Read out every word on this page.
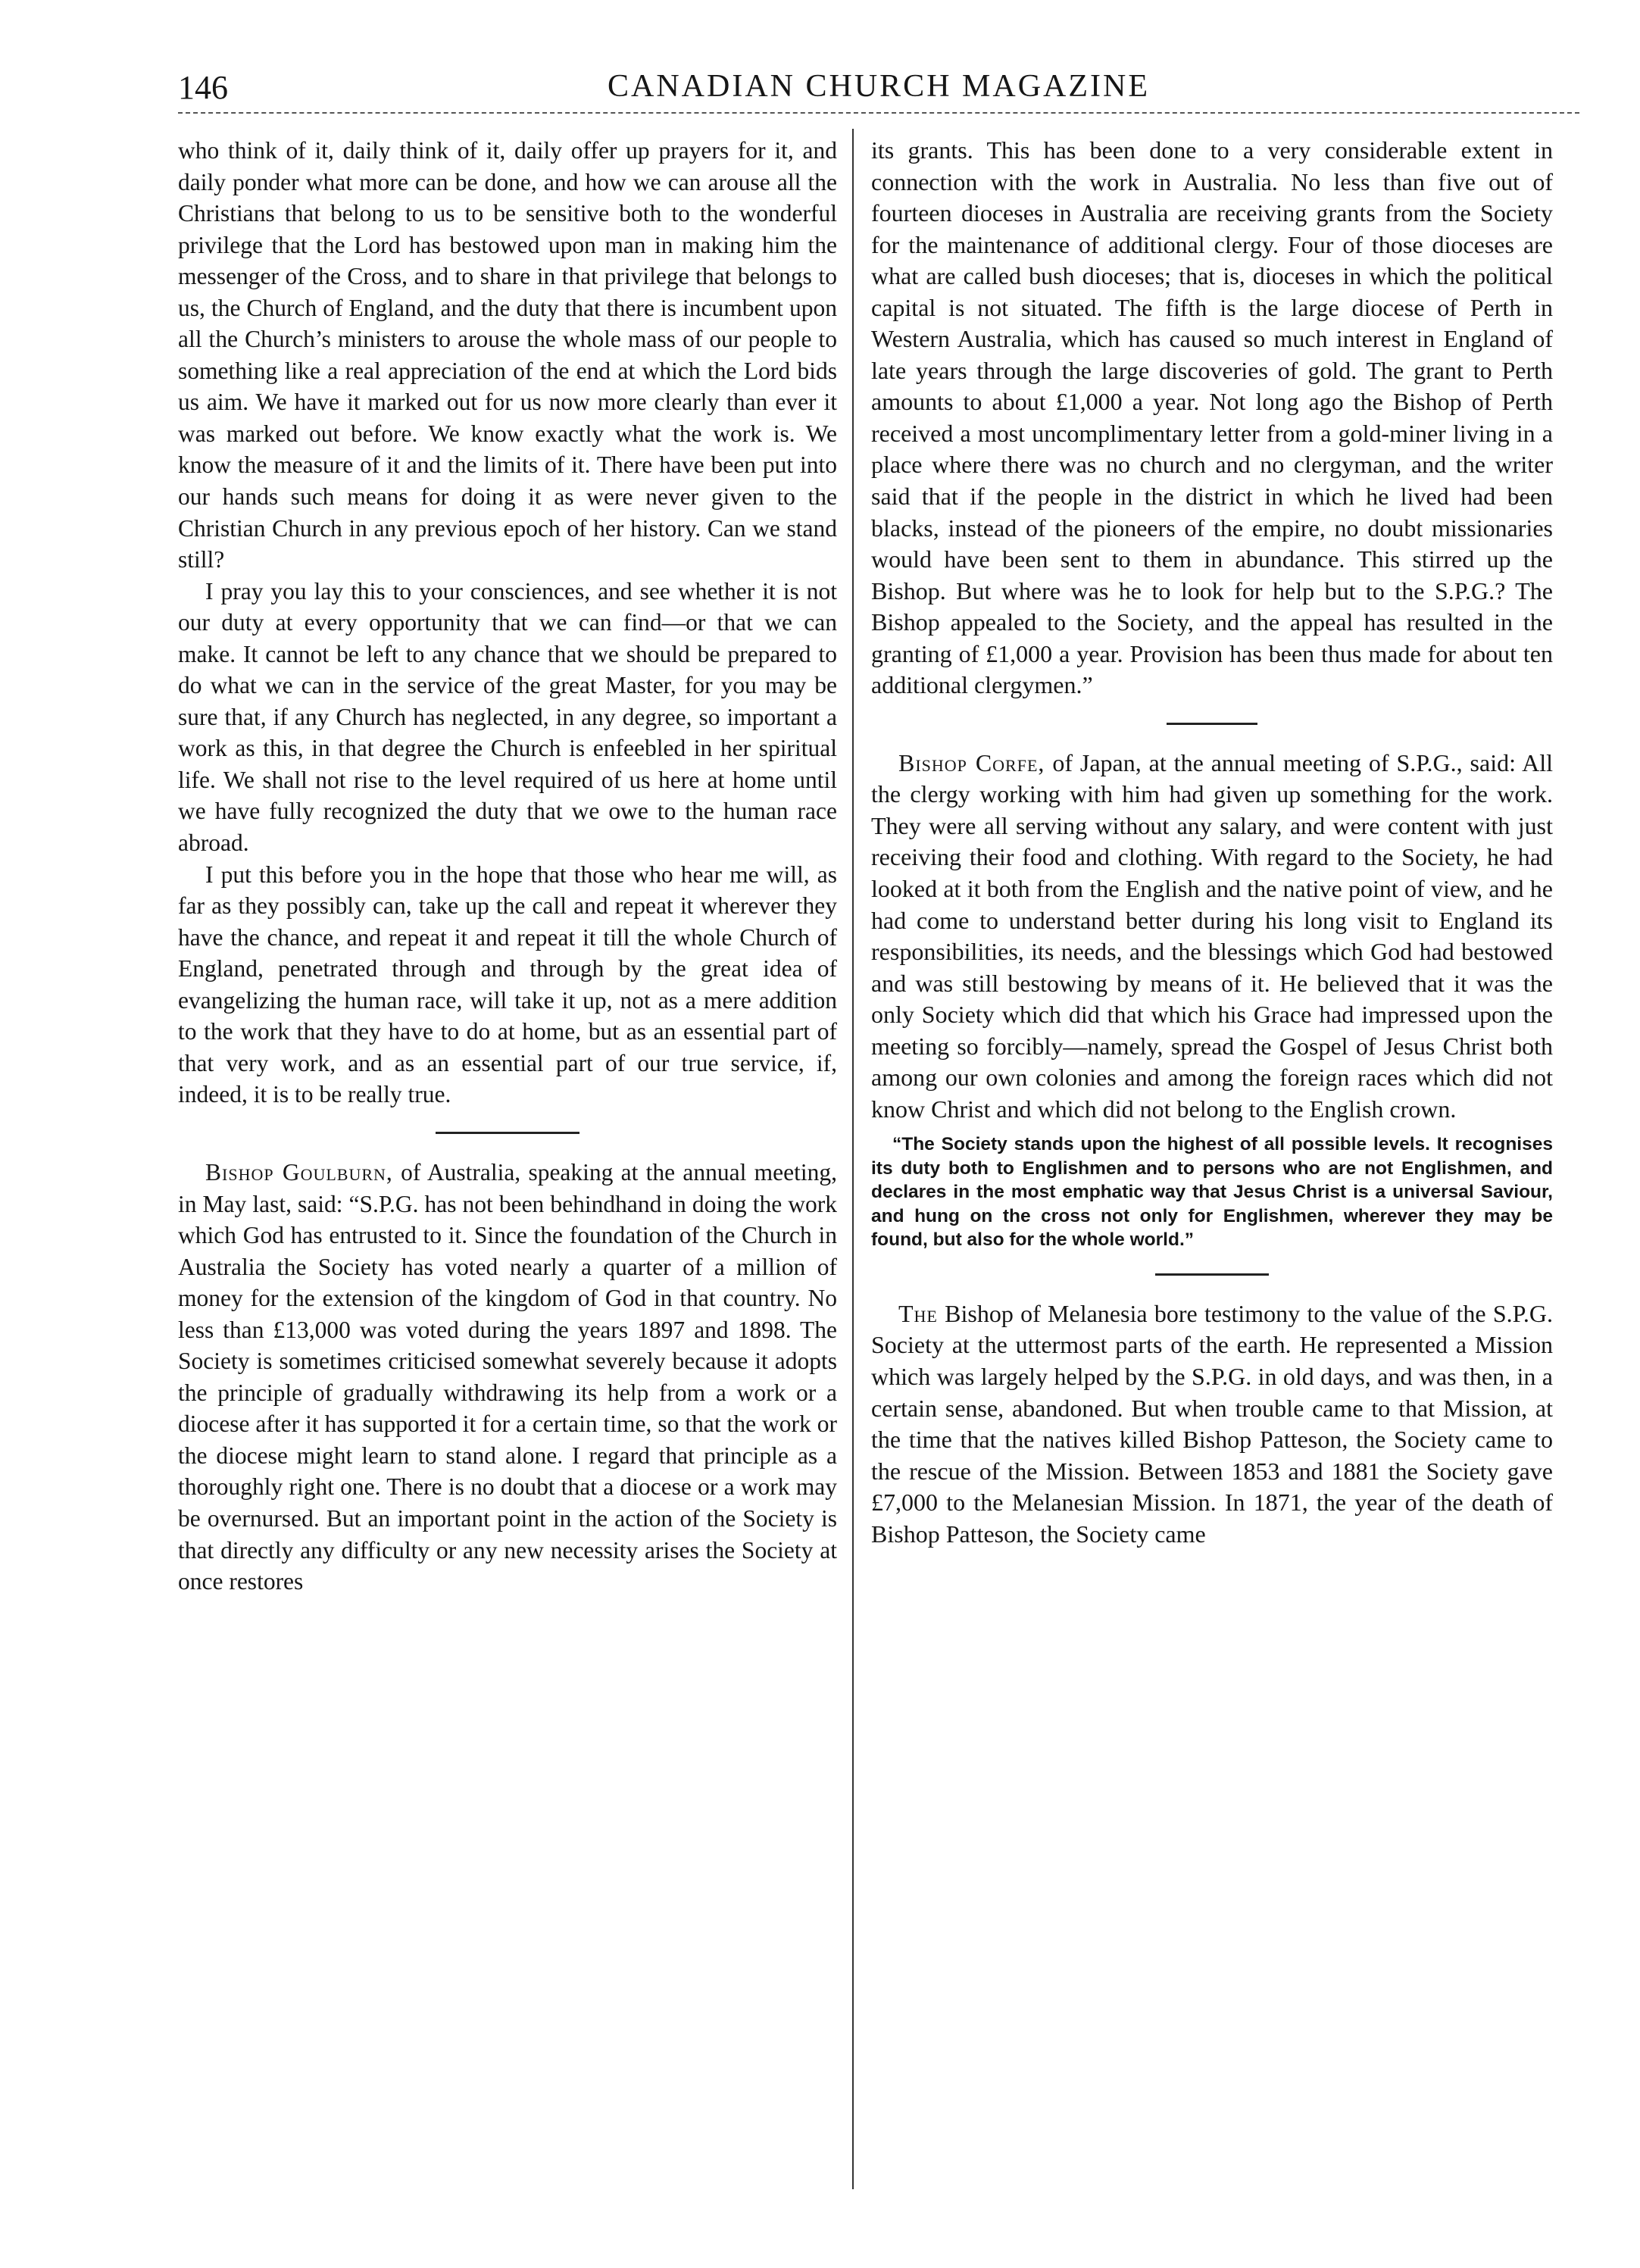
146	CANADIAN CHURCH MAGAZINE

who think of it, daily think of it, daily offer up prayers for it, and daily ponder what more can be done, and how we can arouse all the Christians that belong to us to be sensitive both to the wonderful privilege that the Lord has bestowed upon man in making him the messenger of the Cross, and to share in that privilege that belongs to us, the Church of England, and the duty that there is incumbent upon all the Church’s ministers to arouse the whole mass of our people to something like a real appreciation of the end at which the Lord bids us aim. We have it marked out for us now more clearly than ever it was marked out before. We know exactly what the work is. We know the measure of it and the limits of it. There have been put into our hands such means for doing it as were never given to the Christian Church in any previous epoch of her history. Can we stand still?

I pray you lay this to your consciences, and see whether it is not our duty at every opportunity that we can find—or that we can make. It cannot be left to any chance that we should be prepared to do what we can in the service of the great Master, for you may be sure that, if any Church has neglected, in any degree, so important a work as this, in that degree the Church is enfeebled in her spiritual life. We shall not rise to the level required of us here at home until we have fully recognized the duty that we owe to the human race abroad.

I put this before you in the hope that those who hear me will, as far as they possibly can, take up the call and repeat it wherever they have the chance, and repeat it and repeat it till the whole Church of England, penetrated through and through by the great idea of evangelizing the human race, will take it up, not as a mere addition to the work that they have to do at home, but as an essential part of that very work, and as an essential part of our true service, if, indeed, it is to be really true.

Bishop Goulburn, of Australia, speaking at the annual meeting, in May last, said: “S.P.G. has not been behindhand in doing the work which God has entrusted to it. Since the foundation of the Church in Australia the Society has voted nearly a quarter of a million of money for the extension of the kingdom of God in that country. No less than £13,000 was voted during the years 1897 and 1898. The Society is sometimes criticised somewhat severely because it adopts the principle of gradually withdrawing its help from a work or a diocese after it has supported it for a certain time, so that the work or the diocese might learn to stand alone. I regard that principle as a thoroughly right one. There is no doubt that a diocese or a work may be overnursed. But an important point in the action of the Society is that directly any difficulty or any new necessity arises the Society at once restores

its grants. This has been done to a very considerable extent in connection with the work in Australia. No less than five out of fourteen dioceses in Australia are receiving grants from the Society for the maintenance of additional clergy. Four of those dioceses are what are called bush dioceses; that is, dioceses in which the political capital is not situated. The fifth is the large diocese of Perth in Western Australia, which has caused so much interest in England of late years through the large discoveries of gold. The grant to Perth amounts to about £1,000 a year. Not long ago the Bishop of Perth received a most uncomplimentary letter from a gold-miner living in a place where there was no church and no clergyman, and the writer said that if the people in the district in which he lived had been blacks, instead of the pioneers of the empire, no doubt missionaries would have been sent to them in abundance. This stirred up the Bishop. But where was he to look for help but to the S.P.G.? The Bishop appealed to the Society, and the appeal has resulted in the granting of £1,000 a year. Provision has been thus made for about ten additional clergymen.”

Bishop Corfe, of Japan, at the annual meeting of S.P.G., said: All the clergy working with him had given up something for the work. They were all serving without any salary, and were content with just receiving their food and clothing. With regard to the Society, he had looked at it both from the English and the native point of view, and he had come to understand better during his long visit to England its responsibilities, its needs, and the blessings which God had bestowed and was still bestowing by means of it. He believed that it was the only Society which did that which his Grace had impressed upon the meeting so forcibly—namely, spread the Gospel of Jesus Christ both among our own colonies and among the foreign races which did not know Christ and which did not belong to the English crown.

“The Society stands upon the highest of all possible levels. It recognises its duty both to Englishmen and to persons who are not Englishmen, and declares in the most emphatic way that Jesus Christ is a universal Saviour, and hung on the cross not only for Englishmen, wherever they may be found, but also for the whole world.”

The Bishop of Melanesia bore testimony to the value of the S.P.G. Society at the uttermost parts of the earth. He represented a Mission which was largely helped by the S.P.G. in old days, and was then, in a certain sense, abandoned. But when trouble came to that Mission, at the time that the natives killed Bishop Patteson, the Society came to the rescue of the Mission. Between 1853 and 1881 the Society gave £7,000 to the Melanesian Mission. In 1871, the year of the death of Bishop Patteson, the Society came
